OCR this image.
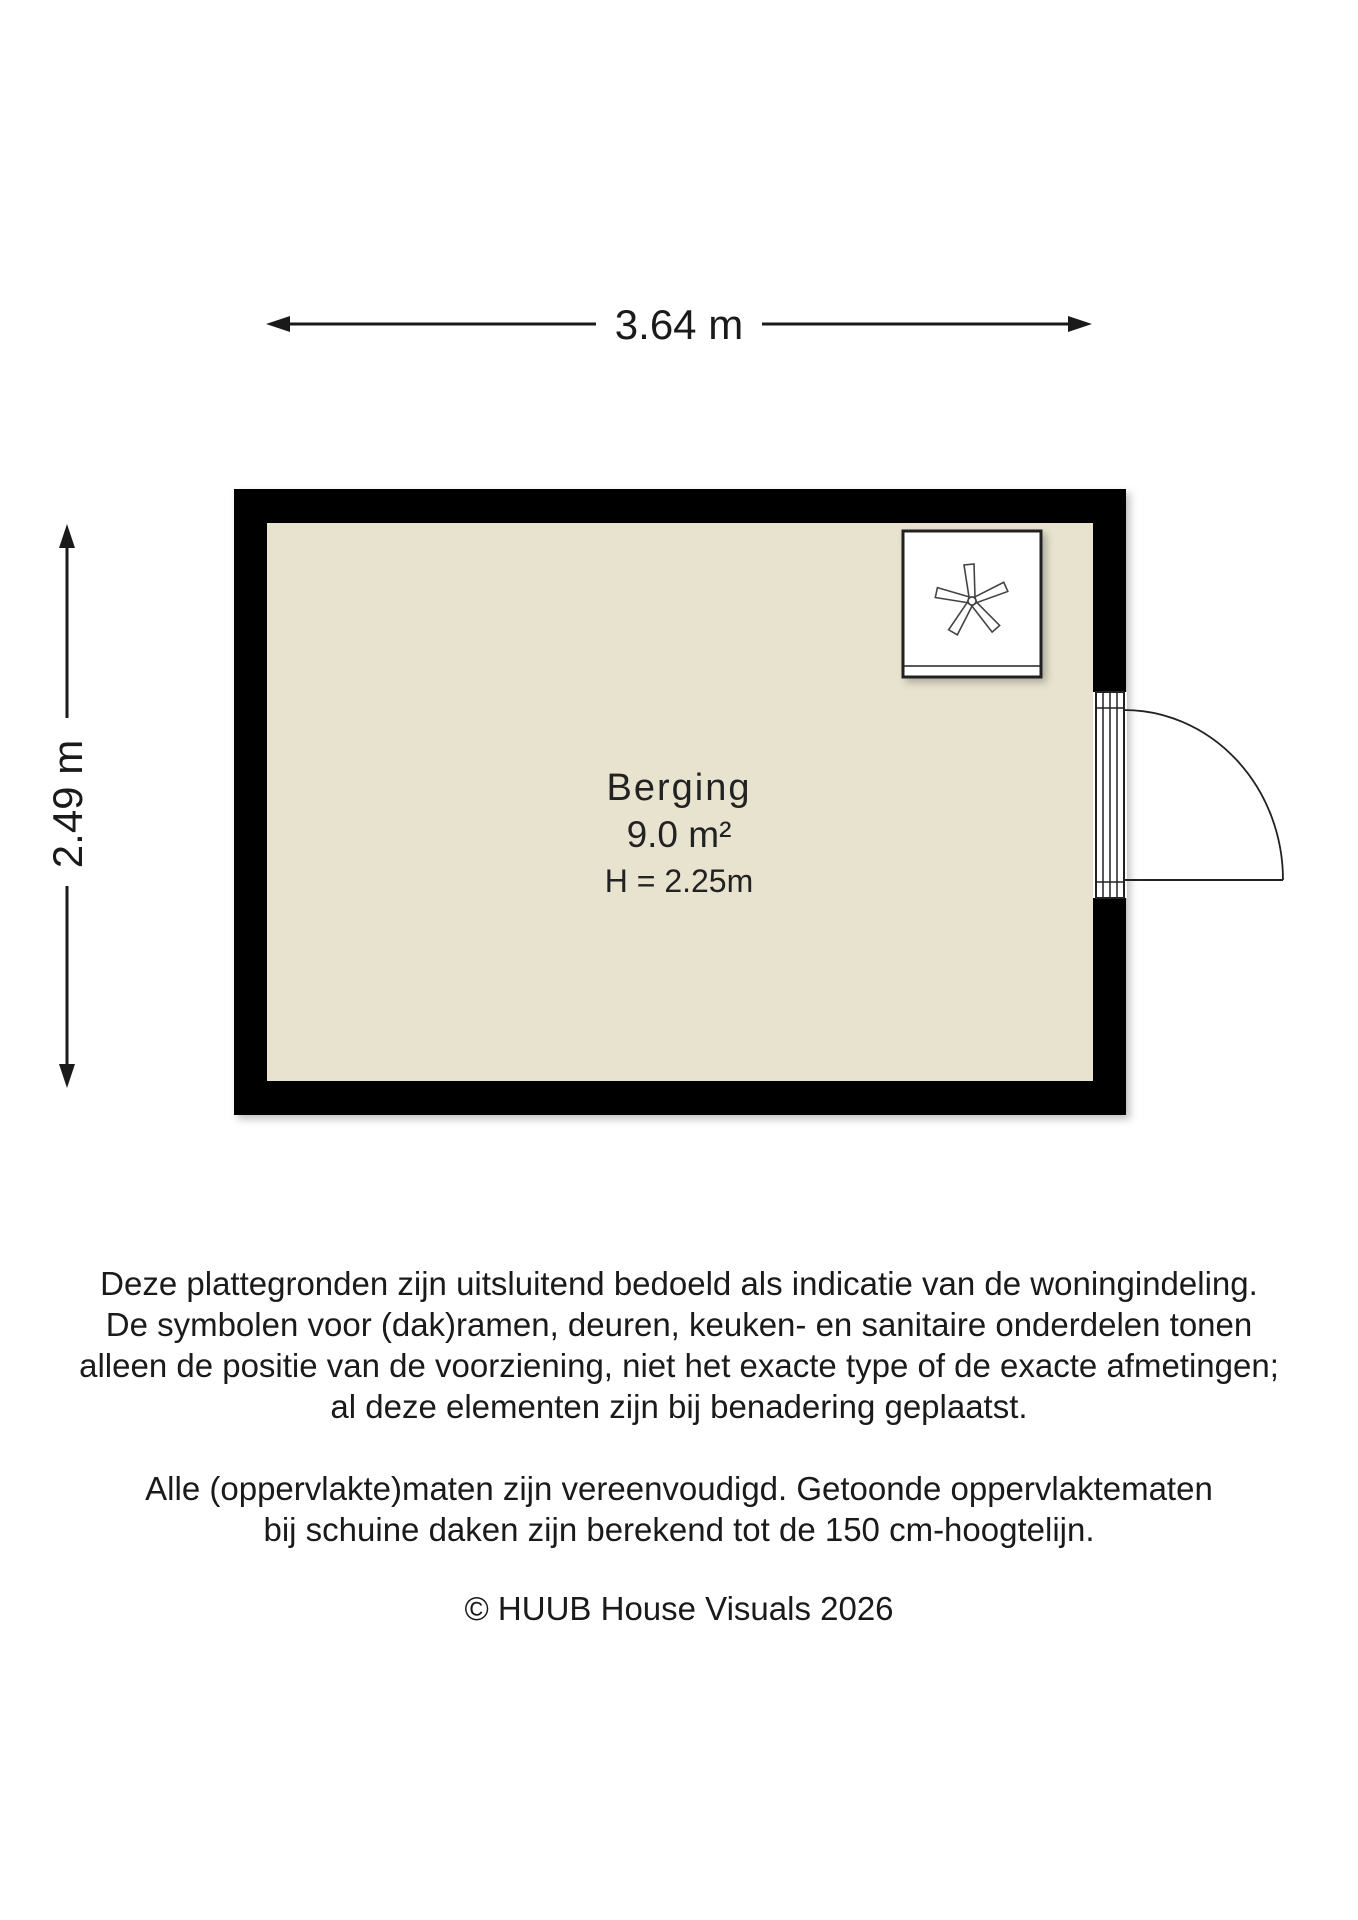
3.64 m
2.49 m	Berging
9.0 m²
H = 2.25m
Deze plattegronden zijn uitsluitend bedoeld als indicatie van de woningindeling.
De symbolen voor (dak)ramen, deuren, keuken- en sanitaire onderdelen tonen
alleen de positie van de voorziening, niet het exacte type of de exacte afmetingen;
al deze elementen zijn bij benadering geplaatst.
Alle (oppervlakte)maten zijn vereenvoudigd. Getoonde oppervlaktematen
bij schuine daken zijn berekend tot de 150 cm-hoogtelijn.
© HUUB House Visuals 2026
